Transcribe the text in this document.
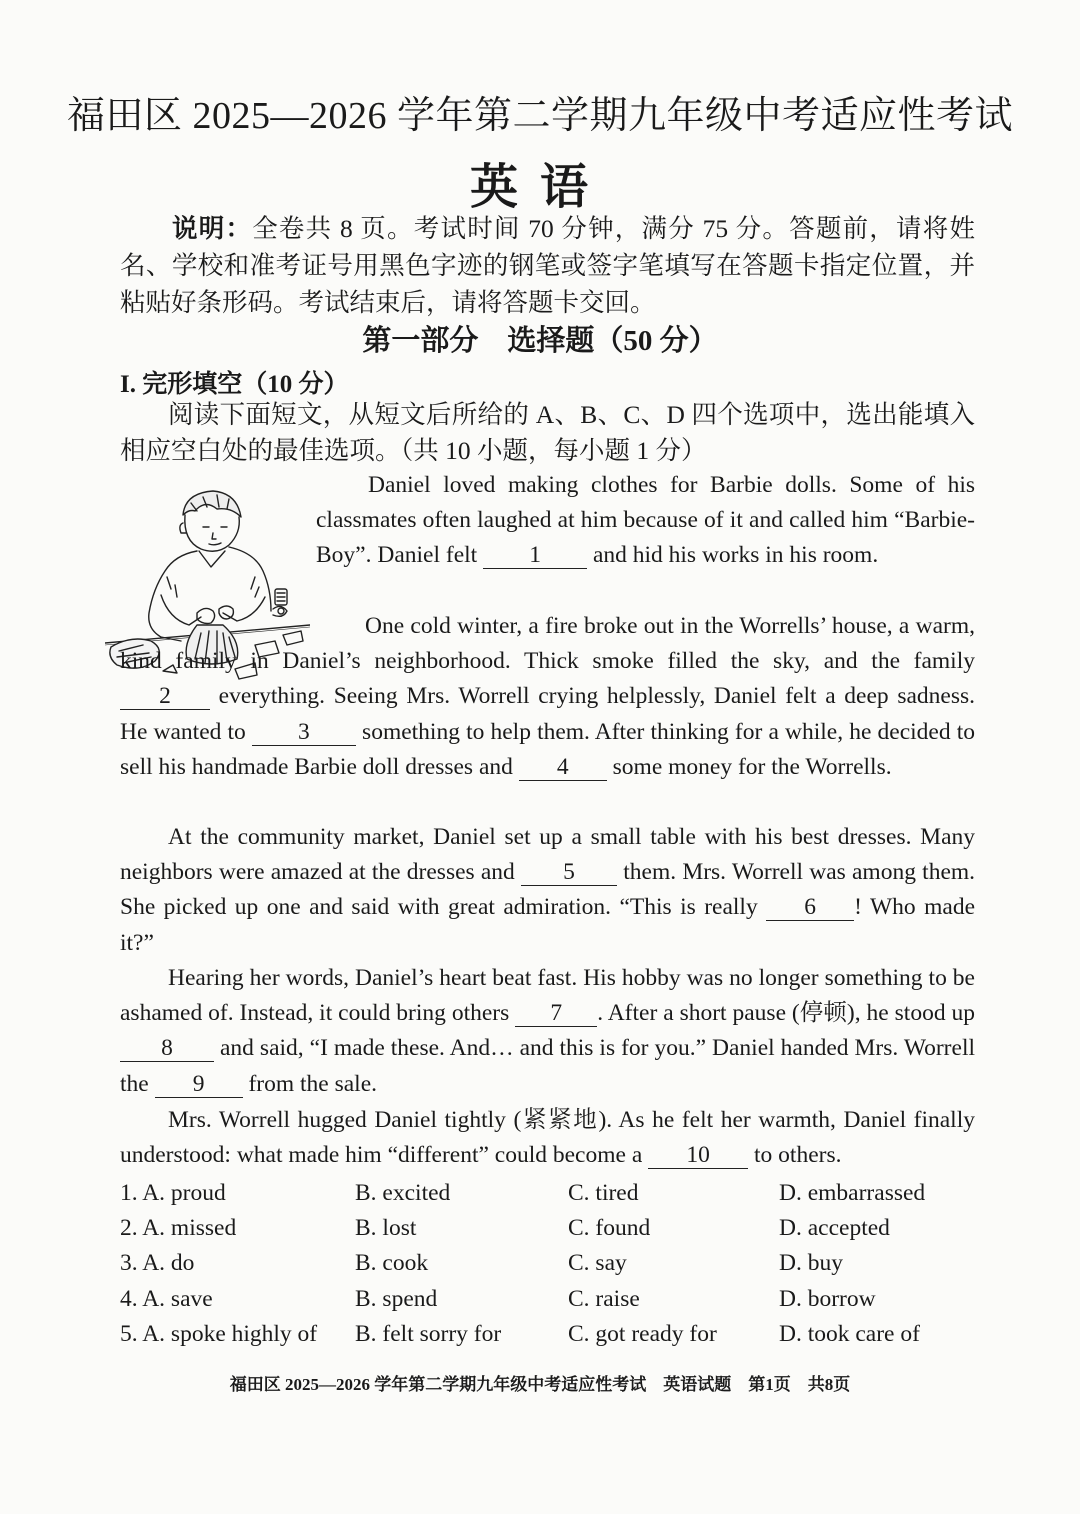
福田区 2025—2026 学年第二学期九年级中考适应性考试
英语
说明：全卷共 8 页。考试时间 70 分钟，满分 75 分。答题前，请将姓名、学校和准考证号用黑色字迹的钢笔或签字笔填写在答题卡指定位置，并粘贴好条形码。考试结束后，请将答题卡交回。
第一部分　选择题（50 分）
I. 完形填空（10 分）
阅读下面短文，从短文后所给的 A、B、C、D 四个选项中，选出能填入相应空白处的最佳选项。（共 10 小题，每小题 1 分）
Daniel loved making clothes for Barbie dolls. Some of his classmates often laughed at him because of it and called him “Barbie-Boy”. Daniel felt 1 and hid his works in his room.
One cold winter, a fire broke out in the Worrells’ house, a warm, kind family in Daniel’s neighborhood. Thick smoke filled the sky, and the family 2 everything. Seeing Mrs. Worrell crying helplessly, Daniel felt a deep sadness. He wanted to 3 something to help them. After thinking for a while, he decided to sell his handmade Barbie doll dresses and 4 some money for the Worrells.
At the community market, Daniel set up a small table with his best dresses. Many neighbors were amazed at the dresses and 5 them. Mrs. Worrell was among them. She picked up one and said with great admiration. “This is really 6 ! Who made it?”
Hearing her words, Daniel’s heart beat fast. His hobby was no longer something to be ashamed of. Instead, it could bring others 7 . After a short pause (停顿), he stood up 8 and said, “I made these. And… and this is for you.” Daniel handed Mrs. Worrell the 9 from the sale.
Mrs. Worrell hugged Daniel tightly (紧紧地). As he felt her warmth, Daniel finally understood: what made him “different” could become a 10 to others.
1. A. proud	B. excited	C. tired	D. embarrassed
2. A. missed	B. lost	C. found	D. accepted
3. A. do	B. cook	C. say	D. buy
4. A. save	B. spend	C. raise	D. borrow
5. A. spoke highly of	B. felt sorry for	C. got ready for	D. took care of
福田区 2025—2026 学年第二学期九年级中考适应性考试　英语试题　第1页　共8页
